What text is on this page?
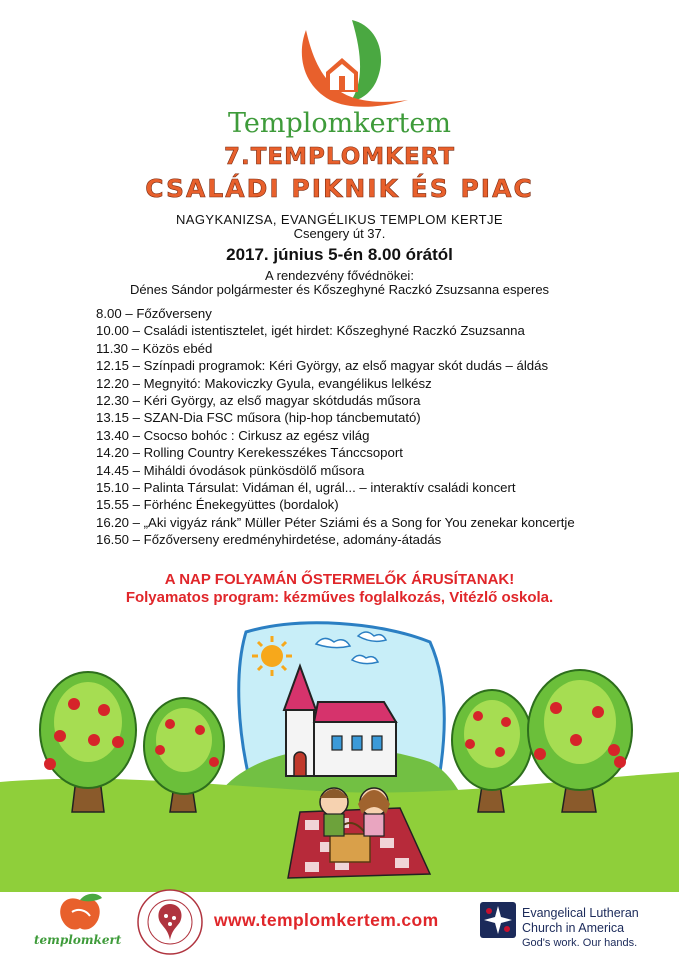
Templomkertem
7.TEMPLOMKERT
CSALÁDI PIKNIK ÉS PIAC
NAGYKANIZSA, EVANGÉLIKUS TEMPLOM KERTJE
Csengery út 37.
2017. június 5-én 8.00 órától
A rendezvény fővédnökei:
Dénes Sándor polgármester és Kőszeghyné Raczkó Zsuzsanna esperes
8.00 – Főzőverseny
10.00 – Családi istentisztelet, igét hirdet: Kőszeghyné Raczkó Zsuzsanna
11.30 – Közös ebéd
12.15 – Színpadi programok: Kéri György, az első magyar skót dudás – áldás
12.20 – Megnyitó: Makoviczky Gyula, evangélikus lelkész
12.30 – Kéri György, az első magyar skótdudás műsora
13.15 – SZAN-Dia FSC műsora (hip-hop táncbemutató)
13.40 – Csocso bohóc : Cirkusz az egész világ
14.20 – Rolling Country Kerekesszékes Tánccsoport
14.45 – Miháldi óvodások pünkösdölő műsora
15.10 – Palinta Társulat: Vidáman él, ugrál... – interaktív családi koncert
15.55 – Förhénc Énekegyüttes (bordalok)
16.20 – „Aki vigyáz ránk” Müller Péter Sziámi és a Song for You zenekar koncertje
16.50 – Főzőverseny eredményhirdetése, adomány-átadás
A NAP FOLYAMÁN ŐSTERMELŐK ÁRUSÍTANAK!
Folyamatos program: kézműves foglalkozás, Vitézlő oskola.
templomkert
www.templomkertem.com	Evangelical Lutheran
Church in America
God's work. Our hands.
